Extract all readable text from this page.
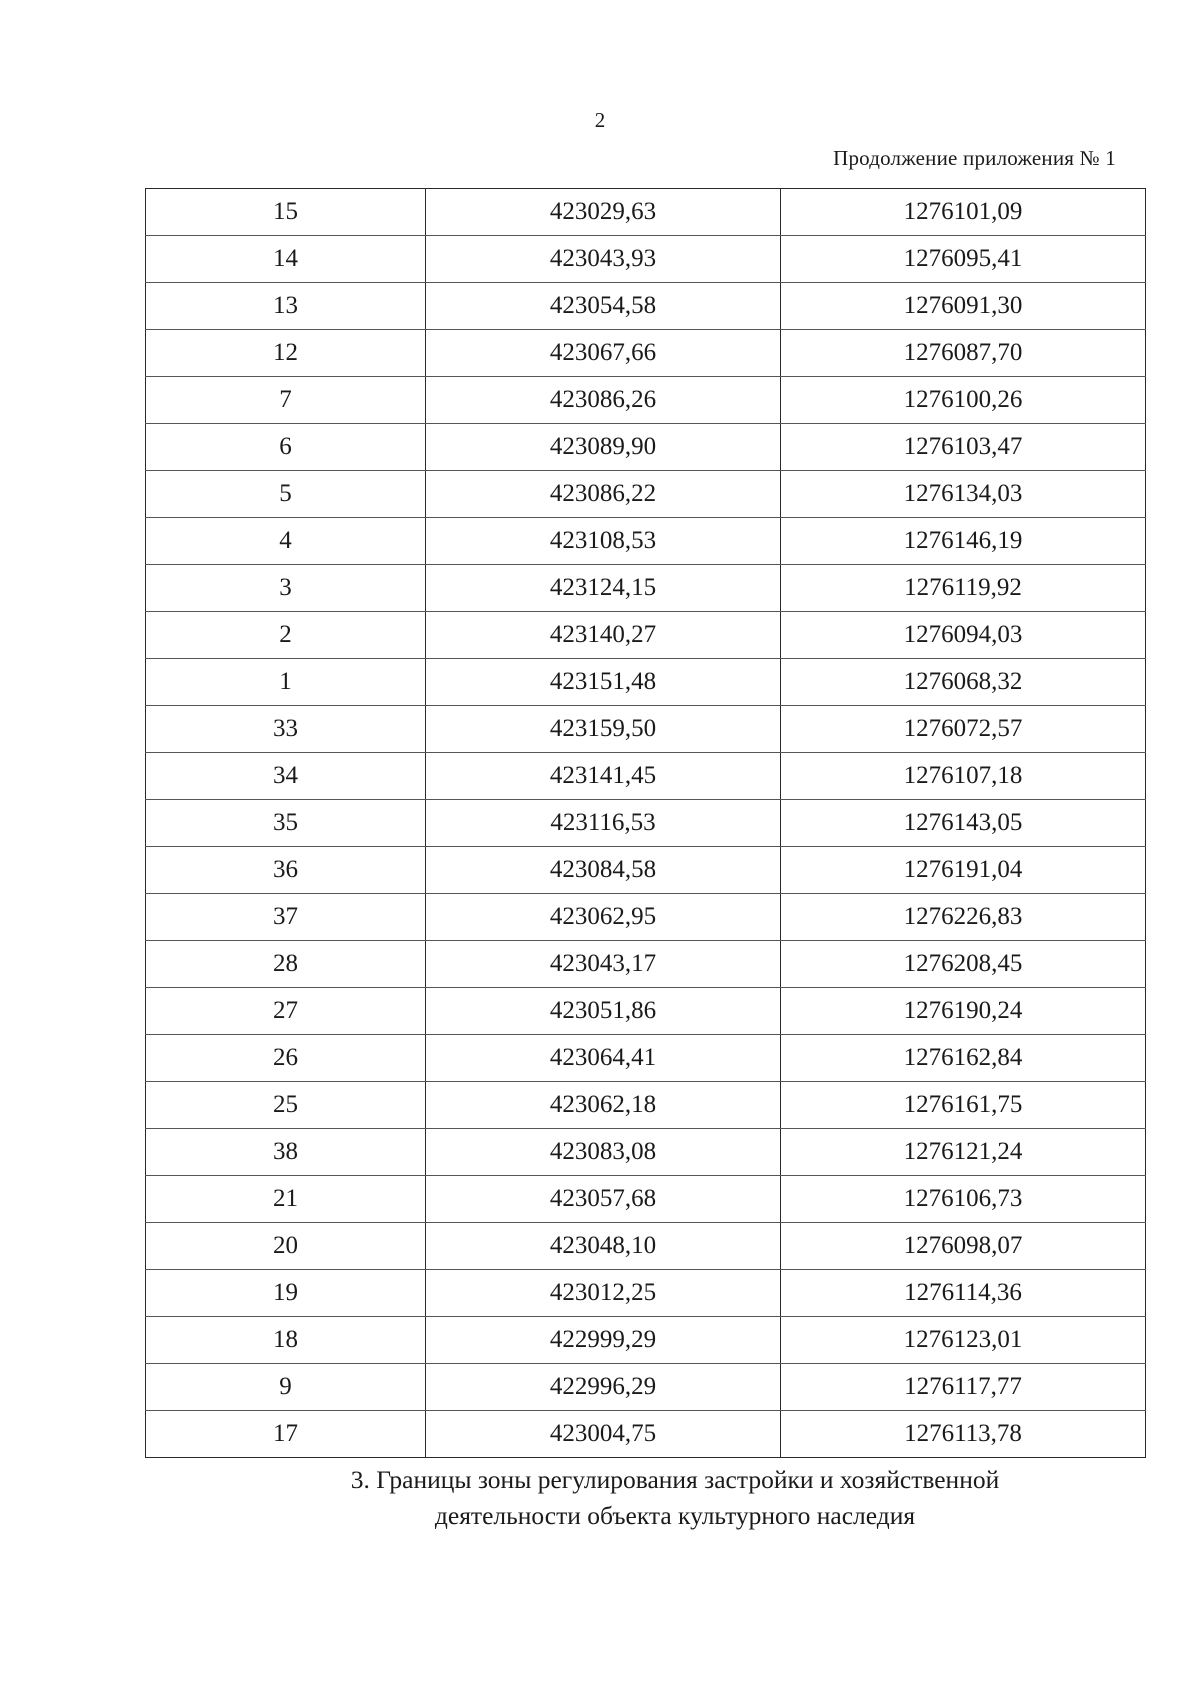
2
Продолжение приложения № 1
15	423029,63	1276101,09
14	423043,93	1276095,41
13	423054,58	1276091,30
12	423067,66	1276087,70
7	423086,26	1276100,26
6	423089,90	1276103,47
5	423086,22	1276134,03
4	423108,53	1276146,19
3	423124,15	1276119,92
2	423140,27	1276094,03
1	423151,48	1276068,32
33	423159,50	1276072,57
34	423141,45	1276107,18
35	423116,53	1276143,05
36	423084,58	1276191,04
37	423062,95	1276226,83
28	423043,17	1276208,45
27	423051,86	1276190,24
26	423064,41	1276162,84
25	423062,18	1276161,75
38	423083,08	1276121,24
21	423057,68	1276106,73
20	423048,10	1276098,07
19	423012,25	1276114,36
18	422999,29	1276123,01
9	422996,29	1276117,77
17	423004,75	1276113,78
3. Границы зоны регулирования застройки и хозяйственной
деятельности объекта культурного наследия
